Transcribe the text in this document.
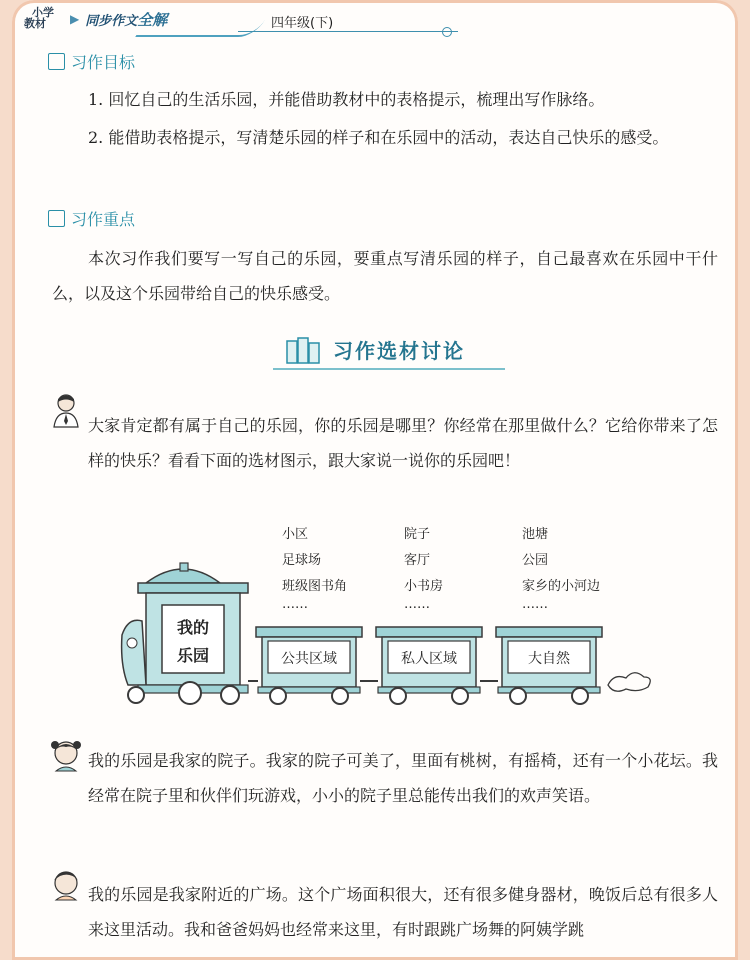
小学
教材	▶ 同步作文全解	四年级(下)
习作目标
1. 回忆自己的生活乐园，并能借助教材中的表格提示，梳理出写作脉络。
2. 能借助表格提示，写清楚乐园的样子和在乐园中的活动，表达自己快乐的感受。
习作重点
本次习作我们要写一写自己的乐园，要重点写清乐园的样子，自己最喜欢在乐园中干什么，以及这个乐园带给自己的快乐感受。
习作选材讨论
大家肯定都有属于自己的乐园，你的乐园是哪里？你经常在那里做什么？它给你带来了怎样的快乐？看看下面的选材图示，跟大家说一说你的乐园吧！
小区
足球场
班级图书角
……
院子
客厅
小书房
……
池塘
公园
家乡的小河边
……
我的
乐园	公共区域	私人区域	大自然
我的乐园是我家的院子。我家的院子可美了，里面有桃树，有摇椅，还有一个小花坛。我经常在院子里和伙伴们玩游戏，小小的院子里总能传出我们的欢声笑语。
我的乐园是我家附近的广场。这个广场面积很大，还有很多健身器材，晚饭后总有很多人来这里活动。我和爸爸妈妈也经常来这里，有时跟跳广场舞的阿姨学跳
